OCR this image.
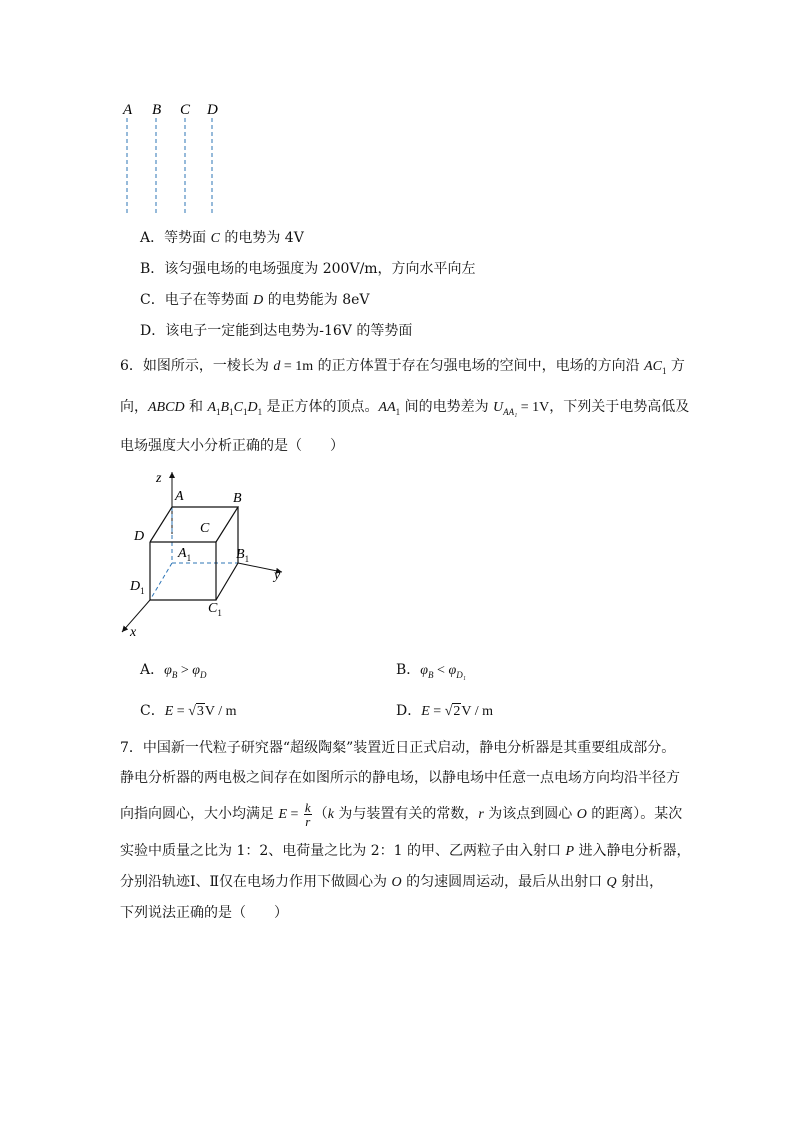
A B C D
A．等势面 C 的电势为 4V
B．该匀强电场的电场强度为 200V/m，方向水平向左
C．电子在等势面 D 的电势能为 8eV
D．该电子一定能到达电势为-16V 的等势面
6．如图所示，一棱长为 d = 1m 的正方体置于存在匀强电场的空间中，电场的方向沿 $AC_1$ 方
向，ABCD 和 $A_1B_1C_1D_1$ 是正方体的顶点。$AA_1$ 间的电势差为 $U_{AA_1} = 1V$，下列关于电势高低及
电场强度大小分析正确的是（　　）
z
y
x
A	B
C
D
$A_1$	$B_1$
$C_1$
$D_1$
A．$\varphi_B > \varphi_D$	B．$\varphi_B < \varphi_{D_1}$
C．E = √3V / m	D．E = √2V / m
7．中国新一代粒子研究器“超级陶粲”装置近日正式启动，静电分析器是其重要组成部分。
静电分析器的两电极之间存在如图所示的静电场，以静电场中任意一点电场方向均沿半径方
向指向圆心，大小均满足 $E = \frac{k}{r} (k$ 为与装置有关的常数，r 为该点到圆心 O 的距离）。某次
实验中质量之比为 1：2、电荷量之比为 2：1 的甲、乙两粒子由入射口 P 进入静电分析器，
分别沿轨迹Ⅰ、Ⅱ仅在电场力作用下做圆心为 O 的匀速圆周运动，最后从出射口 Q 射出，
下列说法正确的是（　　）
